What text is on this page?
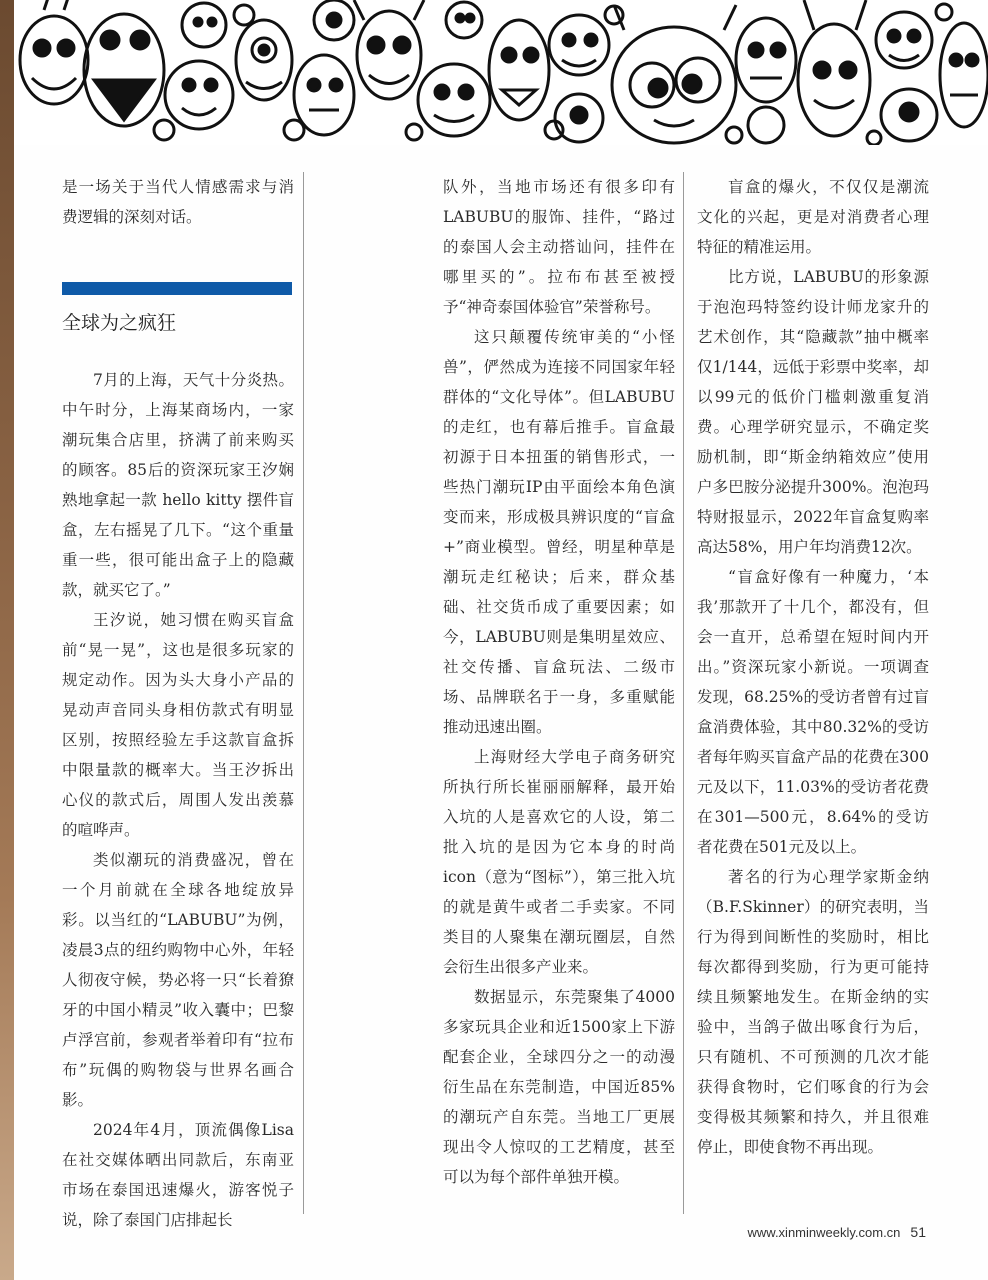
是一场关于当代人情感需求与消费逻辑的深刻对话。

全球为之疯狂

7月的上海，天气十分炎热。中午时分，上海某商场内，一家潮玩集合店里，挤满了前来购买的顾客。85后的资深玩家王汐娴熟地拿起一款 hello kitty 摆件盲盒，左右摇晃了几下。“这个重量重一些，很可能出盒子上的隐藏款，就买它了。”

王汐说，她习惯在购买盲盒前“晃一晃”，这也是很多玩家的规定动作。因为头大身小产品的晃动声音同头身相仿款式有明显区别，按照经验左手这款盲盒拆中限量款的概率大。当王汐拆出心仪的款式后，周围人发出羡慕的喧哗声。

类似潮玩的消费盛况，曾在一个月前就在全球各地绽放异彩。以当红的“LABUBU”为例，凌晨3点的纽约购物中心外，年轻人彻夜守候，势必将一只“长着獠牙的中国小精灵”收入囊中；巴黎卢浮宫前，参观者举着印有“拉布布”玩偶的购物袋与世界名画合影。

2024年4月，顶流偶像Lisa在社交媒体晒出同款后，东南亚市场在泰国迅速爆火，游客悦子说，除了泰国门店排起长

队外，当地市场还有很多印有LABUBU的服饰、挂件，“路过的泰国人会主动搭讪问，挂件在哪里买的”。拉布布甚至被授予“神奇泰国体验官”荣誉称号。

这只颠覆传统审美的“小怪兽”，俨然成为连接不同国家年轻群体的“文化导体”。但LABUBU的走红，也有幕后推手。盲盒最初源于日本扭蛋的销售形式，一些热门潮玩IP由平面绘本角色演变而来，形成极具辨识度的“盲盒+”商业模型。曾经，明星种草是潮玩走红秘诀；后来，群众基础、社交货币成了重要因素；如今，LABUBU则是集明星效应、社交传播、盲盒玩法、二级市场、品牌联名于一身，多重赋能推动迅速出圈。

上海财经大学电子商务研究所执行所长崔丽丽解释，最开始入坑的人是喜欢它的人设，第二批入坑的是因为它本身的时尚icon（意为“图标”），第三批入坑的就是黄牛或者二手卖家。不同类目的人聚集在潮玩圈层，自然会衍生出很多产业来。

数据显示，东莞聚集了4000多家玩具企业和近1500家上下游配套企业，全球四分之一的动漫衍生品在东莞制造，中国近85%的潮玩产自东莞。当地工厂更展现出令人惊叹的工艺精度，甚至可以为每个部件单独开模。

盲盒的爆火，不仅仅是潮流文化的兴起，更是对消费者心理特征的精准运用。

比方说，LABUBU的形象源于泡泡玛特签约设计师龙家升的艺术创作，其“隐藏款”抽中概率仅1/144，远低于彩票中奖率，却以99元的低价门槛刺激重复消费。心理学研究显示，不确定奖励机制，即“斯金纳箱效应”使用户多巴胺分泌提升300%。泡泡玛特财报显示，2022年盲盒复购率高达58%，用户年均消费12次。

“盲盒好像有一种魔力，‘本我’那款开了十几个，都没有，但会一直开，总希望在短时间内开出。”资深玩家小新说。一项调查发现，68.25%的受访者曾有过盲盒消费体验，其中80.32%的受访者每年购买盲盒产品的花费在300元及以下，11.03%的受访者花费在301—500元，8.64%的受访者花费在501元及以上。

著名的行为心理学家斯金纳（B.F.Skinner）的研究表明，当行为得到间断性的奖励时，相比每次都得到奖励，行为更可能持续且频繁地发生。在斯金纳的实验中，当鸽子做出啄食行为后，只有随机、不可预测的几次才能获得食物时，它们啄食的行为会变得极其频繁和持久，并且很难停止，即使食物不再出现。

www.xinminweekly.com.cn 51
